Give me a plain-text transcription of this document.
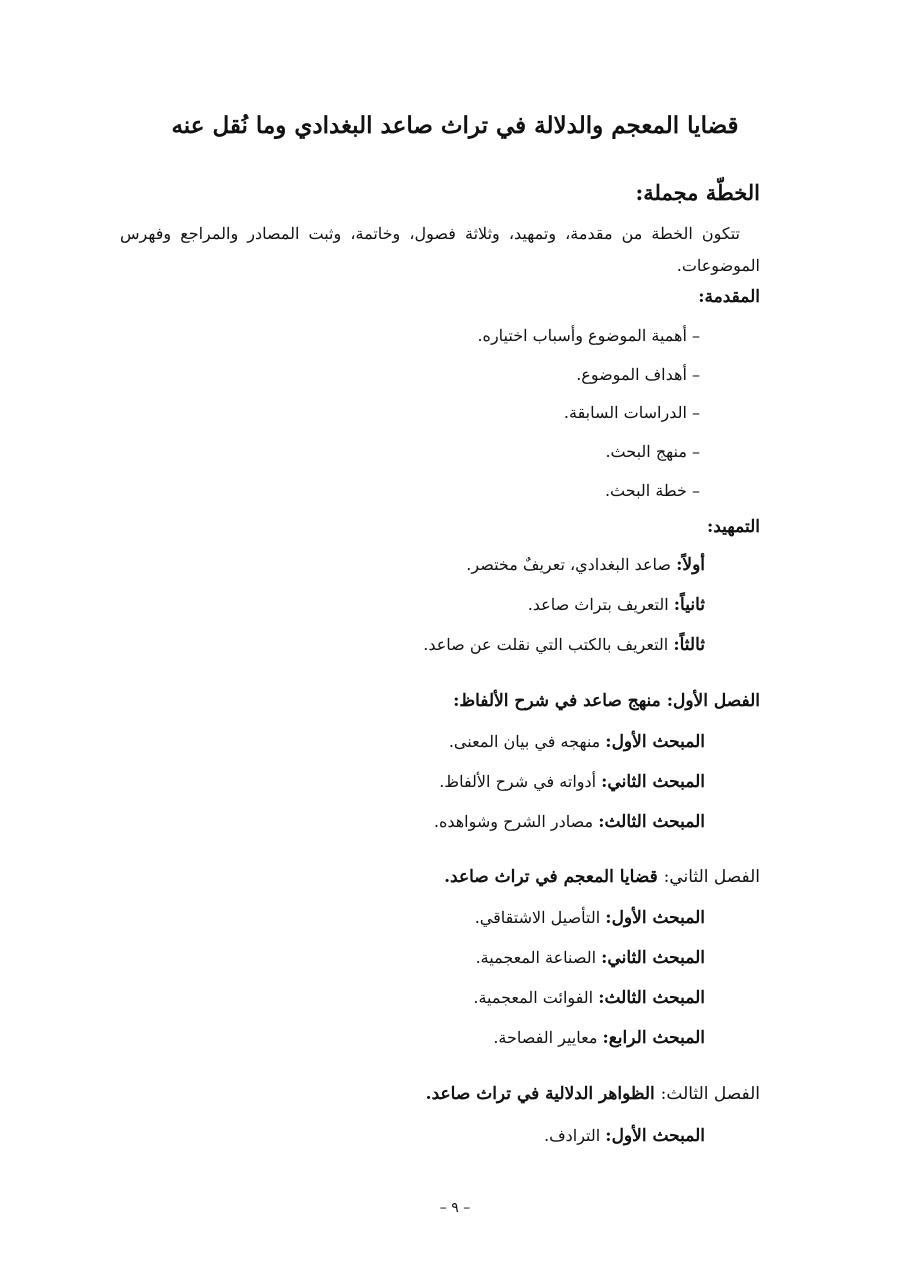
قضايا المعجم والدلالة في تراث صاعد البغدادي وما نُقل عنه
الخطّة مجملة:
تتكون الخطة من مقدمة، وتمهيد، وثلاثة فصول، وخاتمة، وثبت المصادر والمراجع وفهرس الموضوعات.
المقدمة:
– أهمية الموضوع وأسباب اختياره.
– أهداف الموضوع.
– الدراسات السابقة.
– منهج البحث.
– خطة البحث.
التمهيد:
أولاً: صاعد البغدادي، تعريفٌ مختصر.
ثانياً: التعريف بتراث صاعد.
ثالثاً: التعريف بالكتب التي نقلت عن صاعد.
الفصل الأول: منهج صاعد في شرح الألفاظ:
المبحث الأول: منهجه في بيان المعنى.
المبحث الثاني: أدواته في شرح الألفاظ.
المبحث الثالث: مصادر الشرح وشواهده.
الفصل الثاني: قضايا المعجم في تراث صاعد.
المبحث الأول: التأصيل الاشتقاقي.
المبحث الثاني: الصناعة المعجمية.
المبحث الثالث: الفوائت المعجمية.
المبحث الرابع: معايير الفصاحة.
الفصل الثالث: الظواهر الدلالية في تراث صاعد.
المبحث الأول: الترادف.
– ٩ –
